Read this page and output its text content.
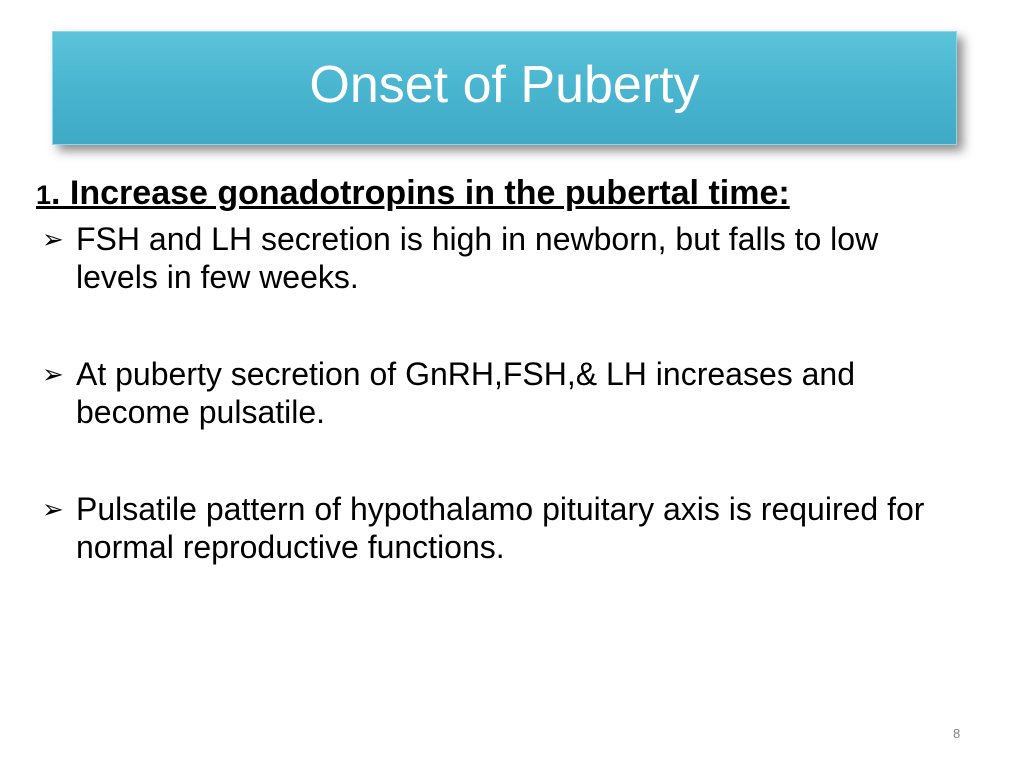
Onset of Puberty

1. Increase gonadotropins in the pubertal time:

➢ FSH and LH secretion is high in newborn, but falls to low levels in few weeks.
➢ At puberty secretion of GnRH,FSH,& LH increases and become pulsatile.
➢ Pulsatile pattern of hypothalamo pituitary axis is required for normal reproductive functions.
8
